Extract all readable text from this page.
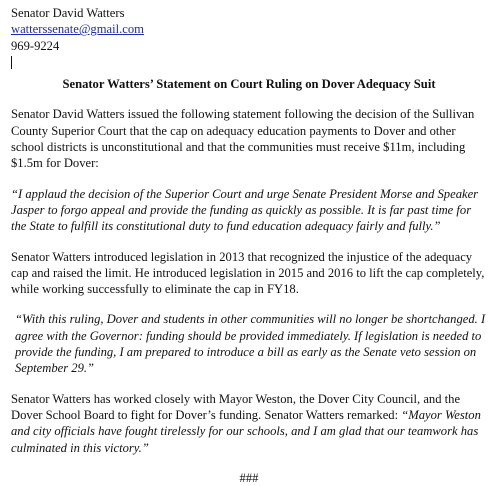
Senator David Watters
watterssenate@gmail.com
969-9224
Senator Watters’ Statement on Court Ruling on Dover Adequacy Suit

Senator David Watters issued the following statement following the decision of the Sullivan County Superior Court that the cap on adequacy education payments to Dover and other school districts is unconstitutional and that the communities must receive $11m, including $1.5m for Dover:

“I applaud the decision of the Superior Court and urge Senate President Morse and Speaker Jasper to forgo appeal and provide the funding as quickly as possible. It is far past time for the State to fulfill its constitutional duty to fund education adequacy fairly and fully.”

Senator Watters introduced legislation in 2013 that recognized the injustice of the adequacy cap and raised the limit. He introduced legislation in 2015 and 2016 to lift the cap completely, while working successfully to eliminate the cap in FY18.

“With this ruling, Dover and students in other communities will no longer be shortchanged. I agree with the Governor: funding should be provided immediately. If legislation is needed to provide the funding, I am prepared to introduce a bill as early as the Senate veto session on September 29.”

Senator Watters has worked closely with Mayor Weston, the Dover City Council, and the Dover School Board to fight for Dover’s funding. Senator Watters remarked: “Mayor Weston and city officials have fought tirelessly for our schools, and I am glad that our teamwork has culminated in this victory.”

###
